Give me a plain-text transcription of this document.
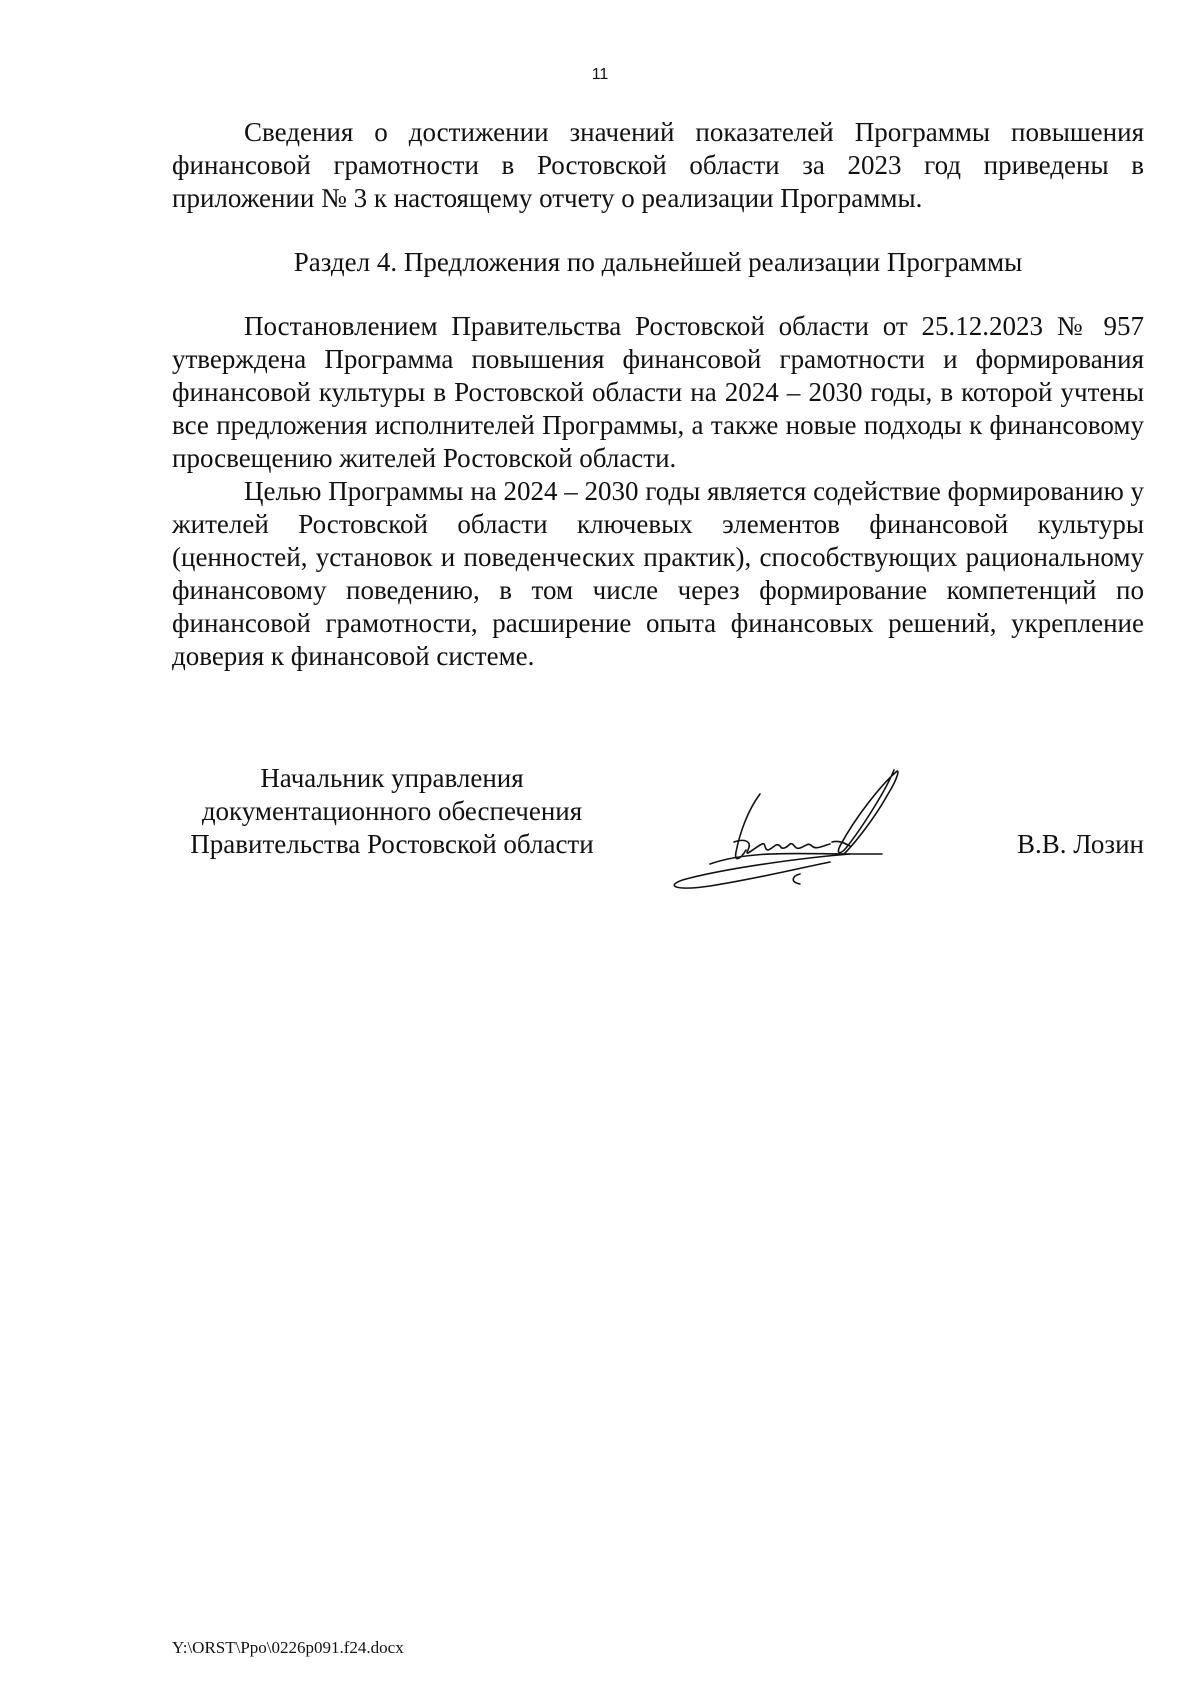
11

Сведения о достижении значений показателей Программы повышения финансовой грамотности в Ростовской области за 2023 год приведены в приложении № 3 к настоящему отчету о реализации Программы.

Раздел 4. Предложения по дальнейшей реализации Программы

Постановлением Правительства Ростовской области от 25.12.2023 № 957 утверждена Программа повышения финансовой грамотности и формирования финансовой культуры в Ростовской области на 2024 – 2030 годы, в которой учтены все предложения исполнителей Программы, а также новые подходы к финансовому просвещению жителей Ростовской области.

Целью Программы на 2024 – 2030 годы является содействие формированию у жителей Ростовской области ключевых элементов финансовой культуры (ценностей, установок и поведенческих практик), способствующих рациональному финансовому поведению, в том числе через формирование компетенций по финансовой грамотности, расширение опыта финансовых решений, укрепление доверия к финансовой системе.

Начальник управления
документационного обеспечения
Правительства Ростовской области	В.В. Лозин
Y:\ORST\Ppo\0226p091.f24.docx
